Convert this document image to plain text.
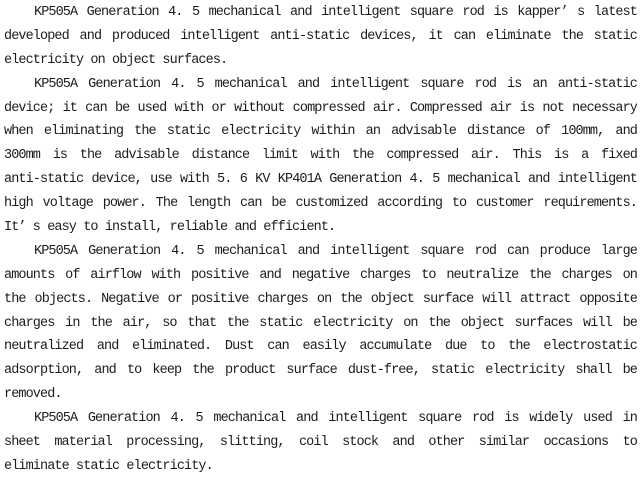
KP505A Generation 4. 5 mechanical and intelligent square rod is kapper’ s latest
developed and produced intelligent anti-static devices, it can eliminate the static
electricity on object surfaces.
KP505A Generation 4. 5 mechanical and intelligent square rod is an anti-static
device; it can be used with or without compressed air. Compressed air is not necessary
when eliminating the static electricity within an advisable distance of 100mm, and
300mm is the advisable distance limit with the compressed air. This is a fixed
anti-static device, use with 5. 6 KV KP401A Generation 4. 5 mechanical and intelligent
high voltage power. The length can be customized according to customer requirements.
It’ s easy to install, reliable and efficient.
KP505A Generation 4. 5 mechanical and intelligent square rod can produce large
amounts of airflow with positive and negative charges to neutralize the charges on
the objects. Negative or positive charges on the object surface will attract opposite
charges in the air, so that the static electricity on the object surfaces will be
neutralized and eliminated. Dust can easily accumulate due to the electrostatic
adsorption, and to keep the product surface dust-free, static electricity shall be
removed.
KP505A Generation 4. 5 mechanical and intelligent square rod is widely used in
sheet material processing, slitting, coil stock and other similar occasions to
eliminate static electricity.
